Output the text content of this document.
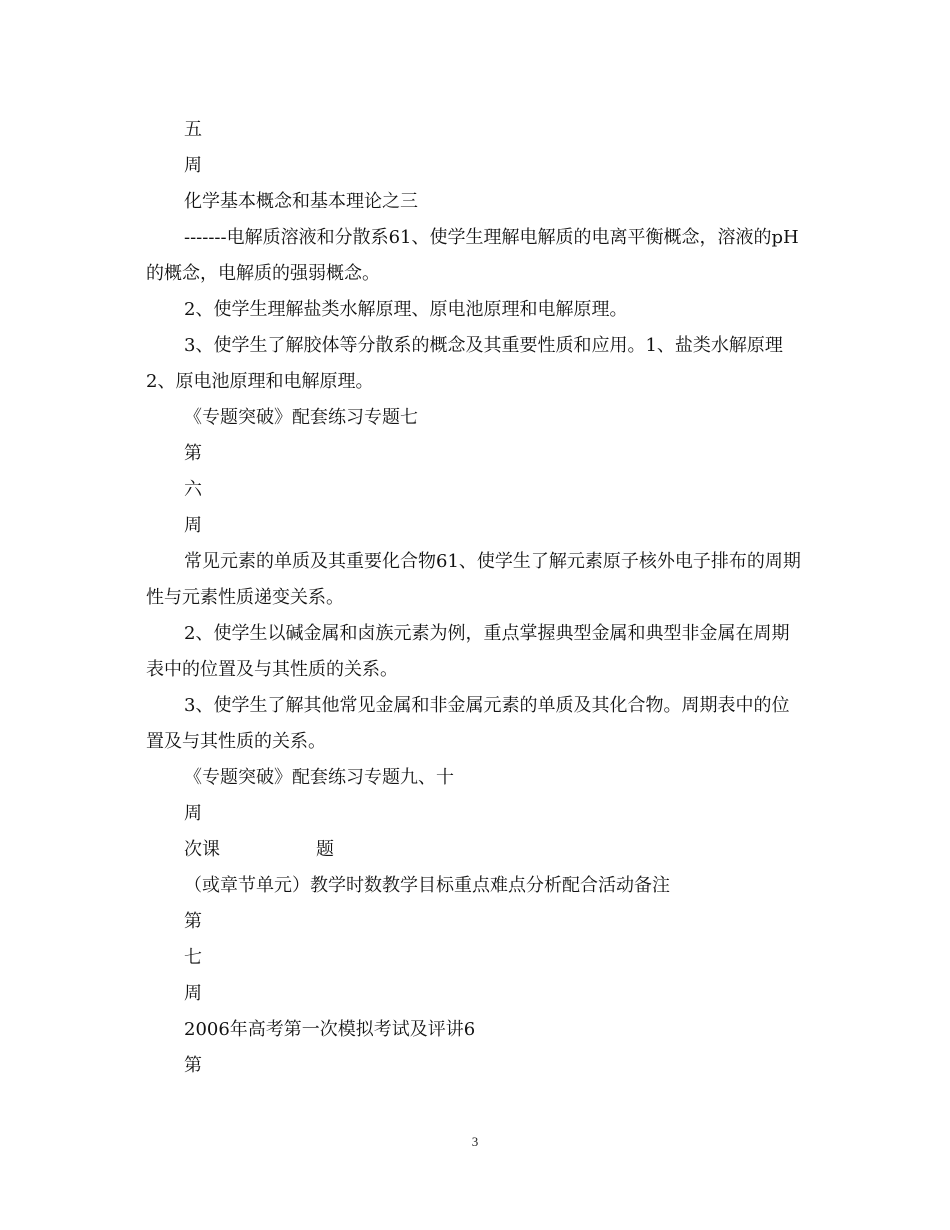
五

周

化学基本概念和基本理论之三

-------电解质溶液和分散系61、使学生理解电解质的电离平衡概念，溶液的pH的概念，电解质的强弱概念。

2、使学生理解盐类水解原理、原电池原理和电解原理。

3、使学生了解胶体等分散系的概念及其重要性质和应用。1、盐类水解原理2、原电池原理和电解原理。

《专题突破》配套练习专题七

第

六

周

常见元素的单质及其重要化合物61、使学生了解元素原子核外电子排布的周期性与元素性质递变关系。

2、使学生以碱金属和卤族元素为例，重点掌握典型金属和典型非金属在周期表中的位置及与其性质的关系。

3、使学生了解其他常见金属和非金属元素的单质及其化合物。周期表中的位置及与其性质的关系。

《专题突破》配套练习专题九、十

周

次课	题

（或章节单元）教学时数教学目标重点难点分析配合活动备注

第

七

周

2006年高考第一次模拟考试及评讲6

第

3
